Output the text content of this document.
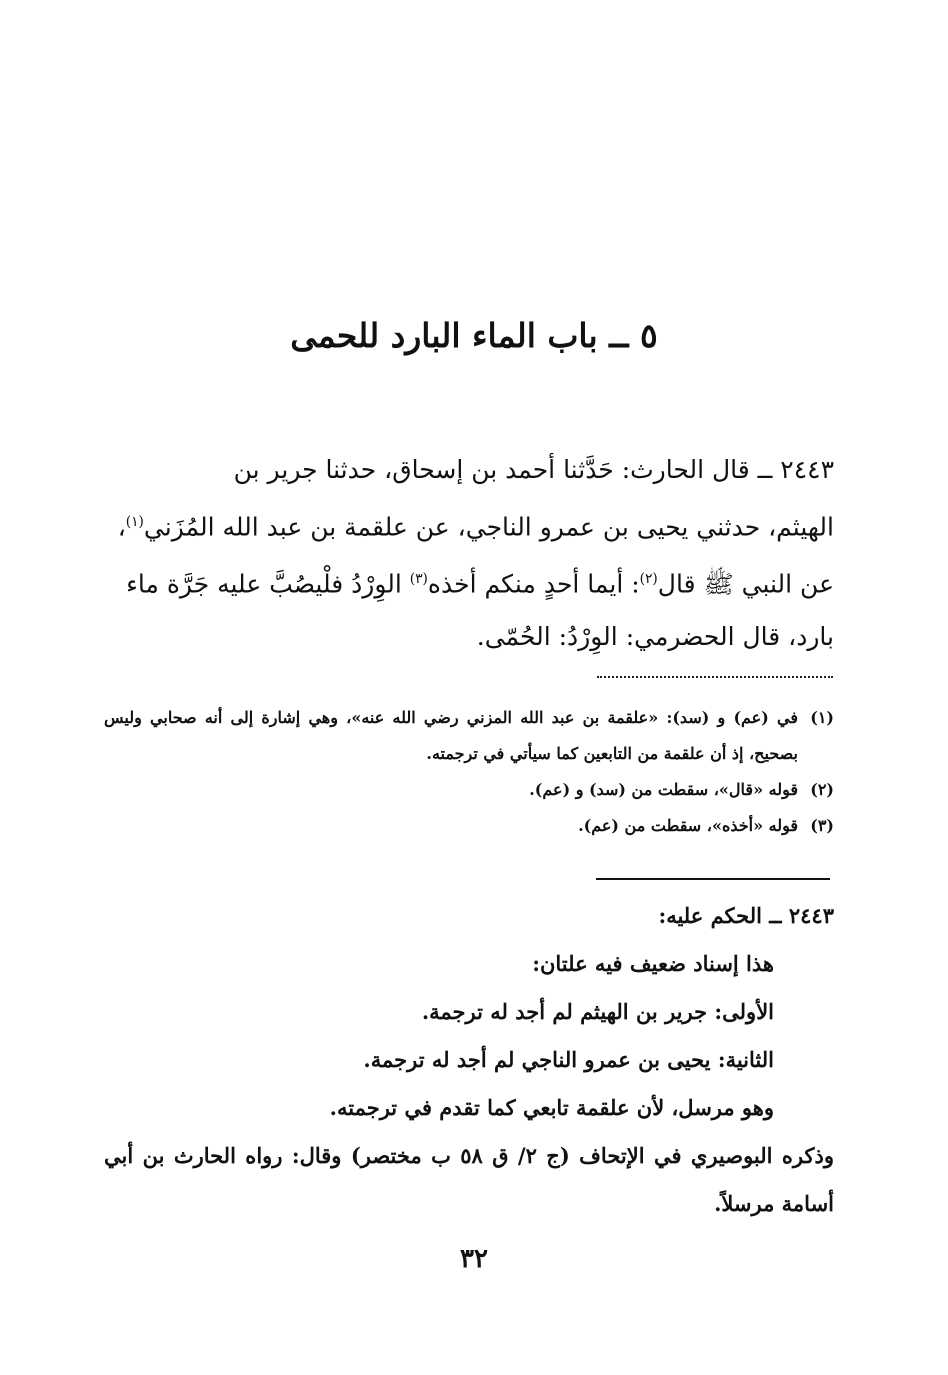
٥ ــ باب الماء البارد للحمى

٢٤٤٣ ــ قال الحارث: حَدَّثنا أحمد بن إسحاق، حدثنا جرير بن

الهيثم، حدثني يحيى بن عمرو الناجي، عن علقمة بن عبد الله المُزَني$^{(١)}$،

عن النبي ﷺ قال$^{(٢)}$: أيما أحدٍ منكم أخذه$^{(٣)}$ الوِرْدُ فلْيصُبَّ عليه جَرَّة ماء

بارد، قال الحضرمي: الوِرْدُ: الحُمّى.

(١)
في (عم) و (سد): «علقمة بن عبد الله المزني رضي الله عنه»، وهي إشارة إلى أنه صحابي وليس بصحيح، إذ أن علقمة من التابعين كما سيأتي في ترجمته.
(٢)
قوله «قال»، سقطت من (سد) و (عم).
(٣)
قوله «أخذه»، سقطت من (عم).

٢٤٤٣ ــ الحكم عليه:

هذا إسناد ضعيف فيه علتان:

الأولى: جرير بن الهيثم لم أجد له ترجمة.

الثانية: يحيى بن عمرو الناجي لم أجد له ترجمة.

وهو مرسل، لأن علقمة تابعي كما تقدم في ترجمته.

وذكره البوصيري في الإتحاف (ج ٢/ ق ٥٨ ب مختصر) وقال: رواه الحارث بن أبي أسامة مرسلاً.

٣٢
